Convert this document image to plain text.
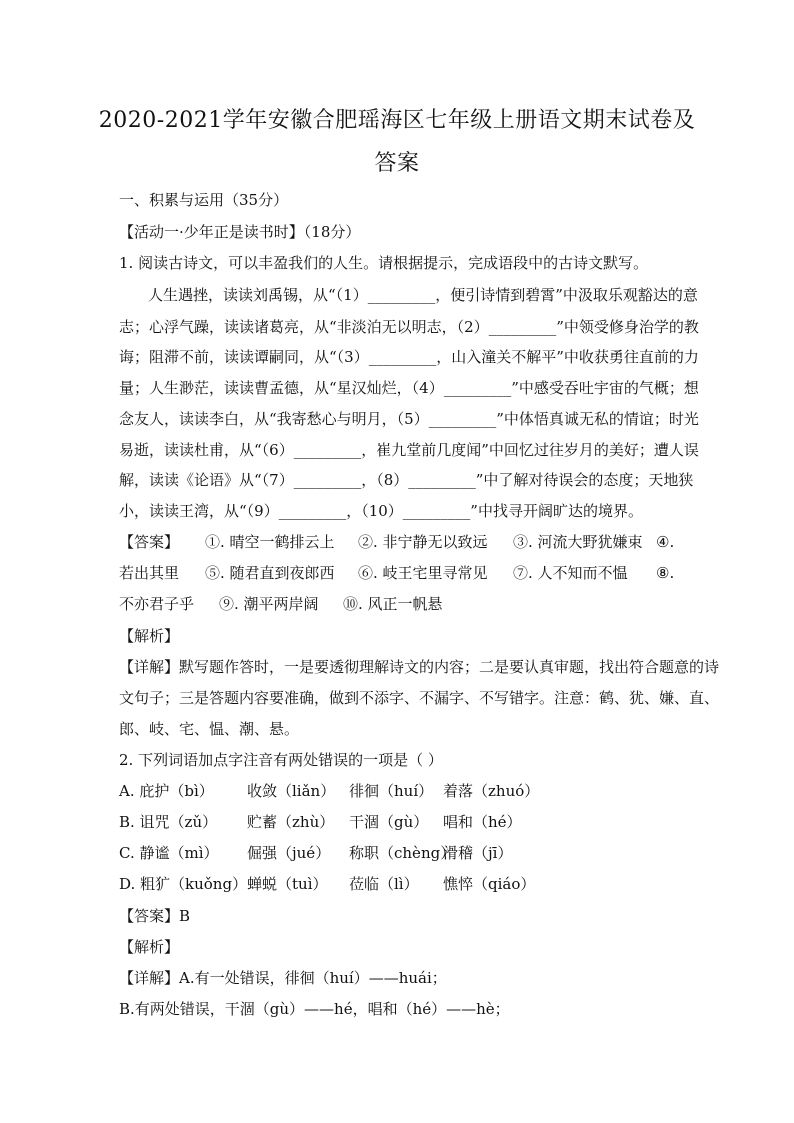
2020-2021学年安徽合肥瑶海区七年级上册语文期末试卷及
答案
一、积累与运用（35分）
【活动一·少年正是读书时】（18分）
1. 阅读古诗文，可以丰盈我们的人生。请根据提示，完成语段中的古诗文默写。
人生遇挫，读读刘禹锡，从“（1）_________，便引诗情到碧霄”中汲取乐观豁达的意
志；心浮气躁，读读诸葛亮，从“非淡泊无以明志，（2）_________”中领受修身治学的教
诲；阻滞不前，读读谭嗣同，从“（3）_________，山入潼关不解平”中收获勇往直前的力
量；人生渺茫，读读曹孟德，从“星汉灿烂，（4）_________”中感受吞吐宇宙的气概；想
念友人，读读李白，从“我寄愁心与明月，（5）_________”中体悟真诚无私的情谊；时光
易逝，读读杜甫，从“（6）_________，崔九堂前几度闻”中回忆过往岁月的美好；遭人误
解，读读《论语》从“（7）_________，（8）_________”中了解对待误会的态度；天地狭
小，读读王湾，从“（9）_________，（10）_________”中找寻开阔旷达的境界。
【答案】 ①. 晴空一鹤排云上 ②. 非宁静无以致远 ③. 河流大野犹嫌束 ④.
若出其里 ⑤. 随君直到夜郎西 ⑥. 岐王宅里寻常见 ⑦. 人不知而不愠 ⑧.
不亦君子乎 ⑨. 潮平两岸阔 ⑩. 风正一帆悬
【解析】
【详解】默写题作答时，一是要透彻理解诗文的内容；二是要认真审题，找出符合题意的诗
文句子；三是答题内容要准确，做到不添字、不漏字、不写错字。注意：鹤、犹、嫌、直、
郎、岐、宅、愠、潮、悬。
2. 下列词语加点字注音有两处错误的一项是（ ）
A. 庇护（bì） 收敛（liǎn） 徘徊（huí） 着落（zhuó）
B. 诅咒（zǔ） 贮蓄（zhù） 干涸（gù） 唱和（hé）
C. 静谧（mì） 倔强（jué） 称职（chèng）滑稽（jī）
D. 粗犷（kuǒng）蝉蜕（tuì） 莅临（lì） 憔悴（qiáo）
【答案】B
【解析】
【详解】A.有一处错误，徘徊（huí）——huái；
B.有两处错误，干涸（gù）——hé，唱和（hé）——hè；
